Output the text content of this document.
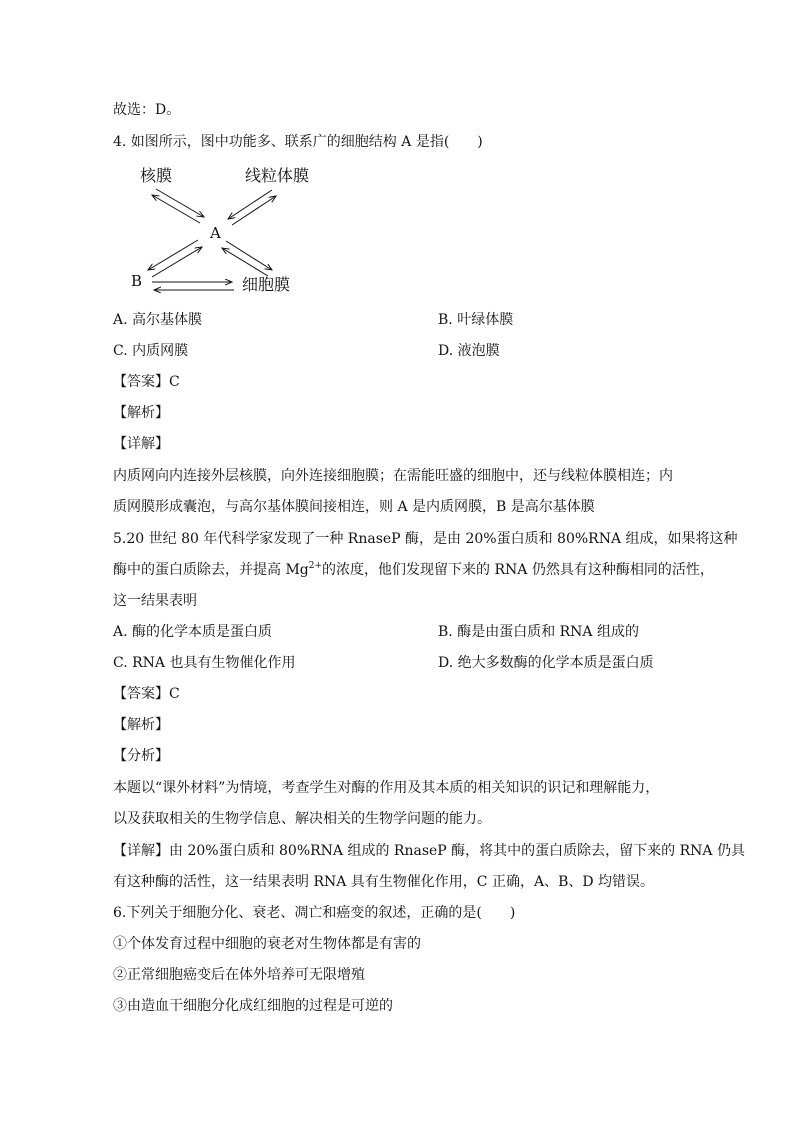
故选：D。
4. 如图所示，图中功能多、联系广的细胞结构 A 是指(　　)
核膜	线粒体膜
A
B	细胞膜
A. 高尔基体膜	B. 叶绿体膜
C. 内质网膜	D. 液泡膜
【答案】C
【解析】
【详解】
内质网向内连接外层核膜，向外连接细胞膜；在需能旺盛的细胞中，还与线粒体膜相连；内
质网膜形成囊泡，与高尔基体膜间接相连，则 A 是内质网膜，B 是高尔基体膜
5.20 世纪 80 年代科学家发现了一种 RnaseP 酶，是由 20%蛋白质和 80%RNA 组成，如果将这种
酶中的蛋白质除去，并提高 $Mg^{2+}$的浓度，他们发现留下来的 RNA 仍然具有这种酶相同的活性，
这一结果表明
A. 酶的化学本质是蛋白质	B. 酶是由蛋白质和 RNA 组成的
C. RNA 也具有生物催化作用	D. 绝大多数酶的化学本质是蛋白质
【答案】C
【解析】
【分析】
本题以“课外材料”为情境，考查学生对酶的作用及其本质的相关知识的识记和理解能力，
以及获取相关的生物学信息、解决相关的生物学问题的能力。
【详解】由 20%蛋白质和 80%RNA 组成的 RnaseP 酶，将其中的蛋白质除去，留下来的 RNA 仍具
有这种酶的活性，这一结果表明 RNA 具有生物催化作用，C 正确，A、B、D 均错误。
6.下列关于细胞分化、衰老、凋亡和癌变的叙述，正确的是(　　)
①个体发育过程中细胞的衰老对生物体都是有害的
②正常细胞癌变后在体外培养可无限增殖
③由造血干细胞分化成红细胞的过程是可逆的
